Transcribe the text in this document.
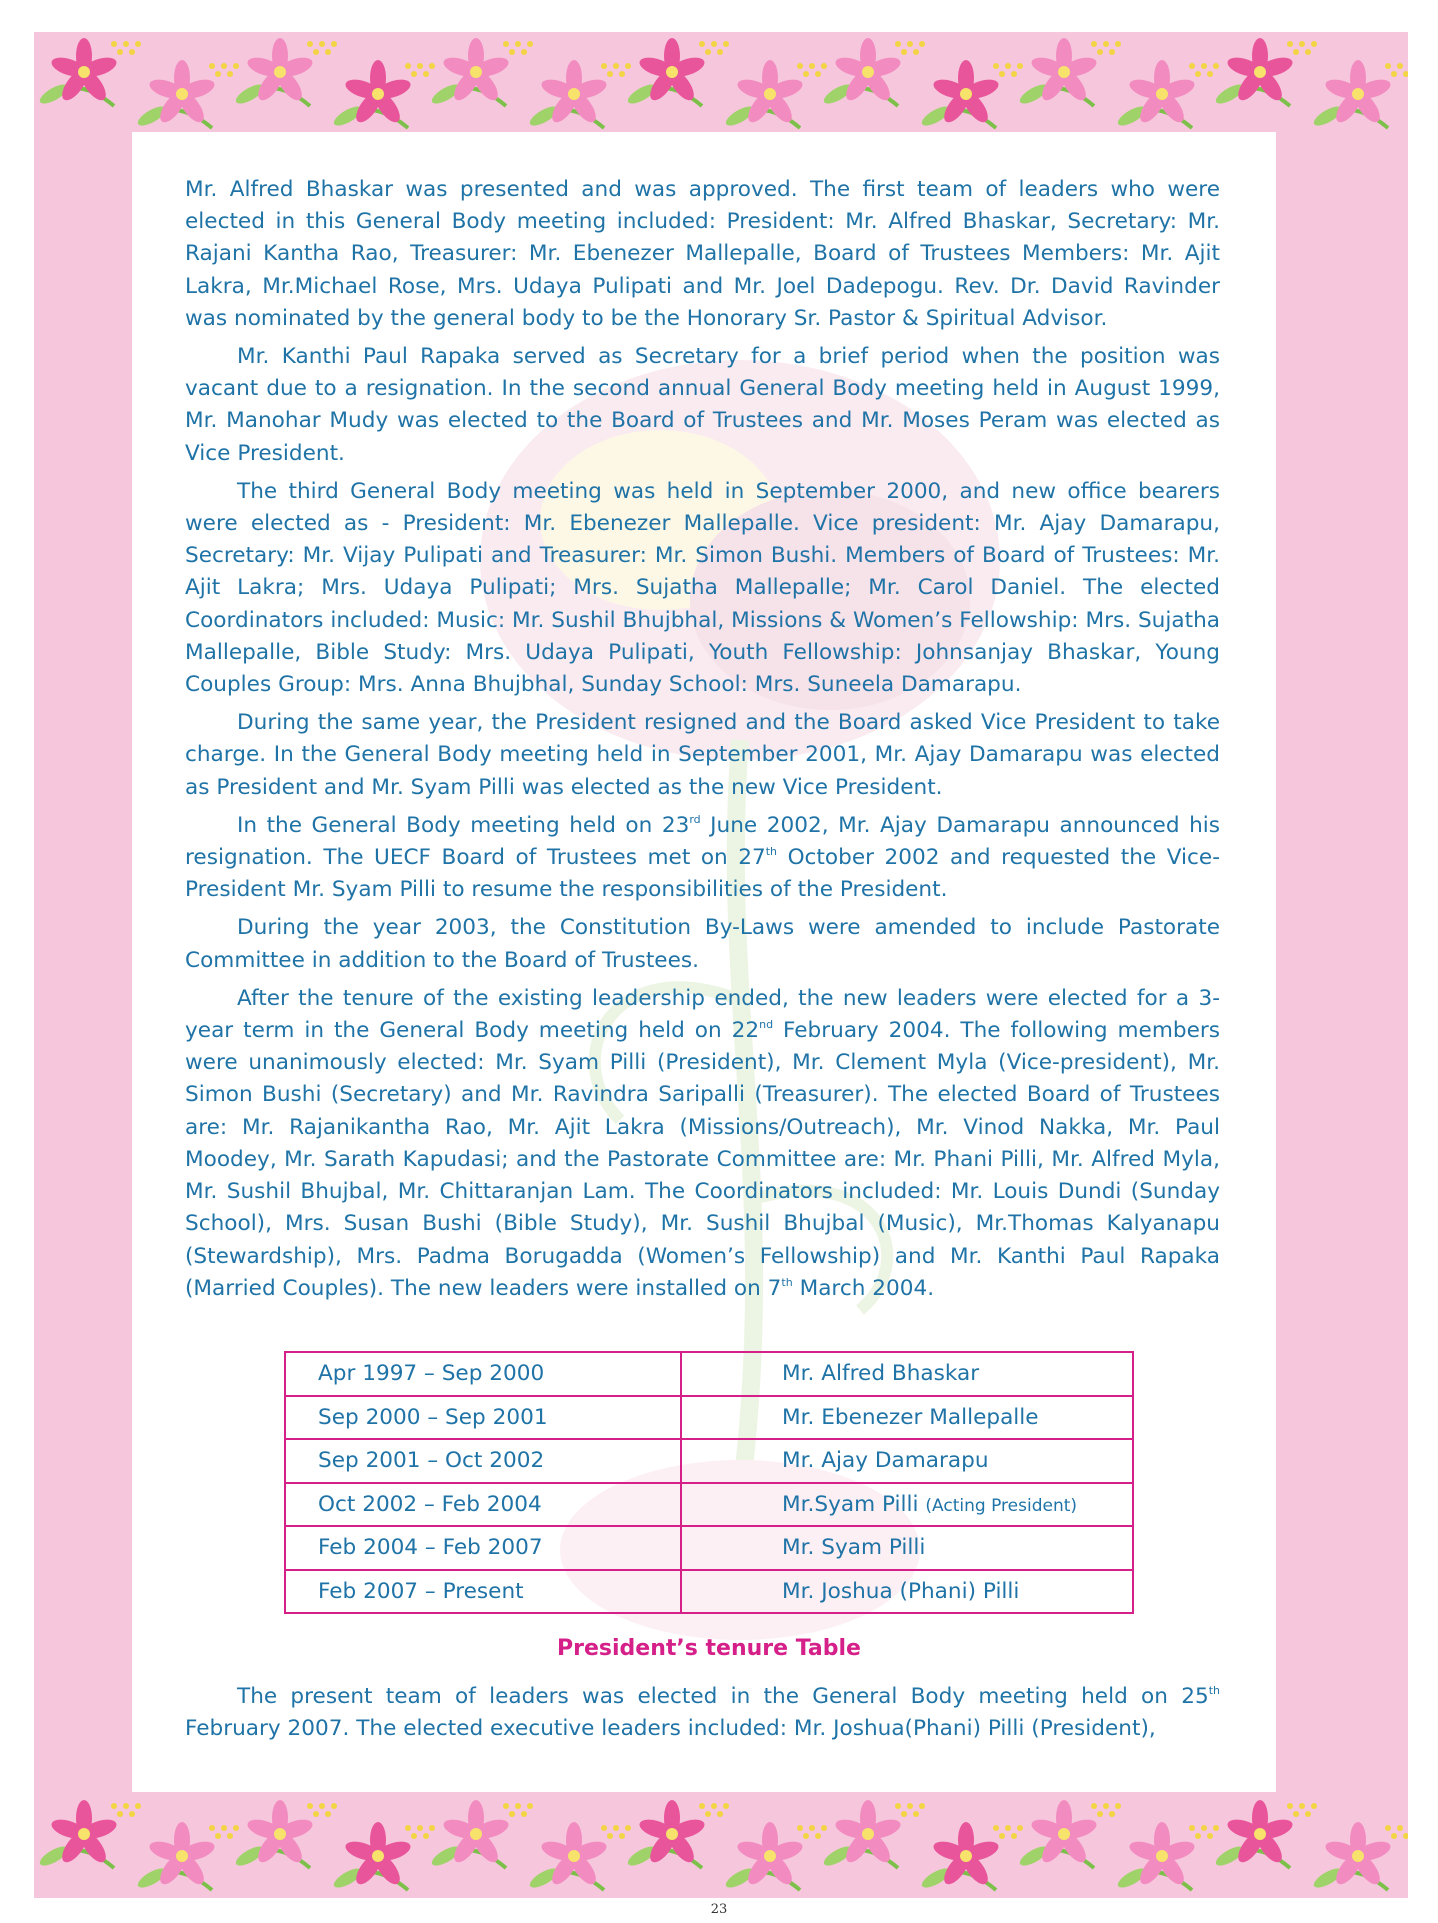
Mr. Alfred Bhaskar was presented and was approved. The first team of leaders who were elected in this General Body meeting included: President: Mr. Alfred Bhaskar, Secretary: Mr. Rajani Kantha Rao, Treasurer: Mr. Ebenezer Mallepalle, Board of Trustees Members: Mr. Ajit Lakra, Mr.Michael Rose, Mrs. Udaya Pulipati and Mr. Joel Dadepogu. Rev. Dr. David Ravinder was nominated by the general body to be the Honorary Sr. Pastor & Spiritual Advisor.

Mr. Kanthi Paul Rapaka served as Secretary for a brief period when the position was vacant due to a resignation. In the second annual General Body meeting held in August 1999, Mr. Manohar Mudy was elected to the Board of Trustees and Mr. Moses Peram was elected as Vice President.

The third General Body meeting was held in September 2000, and new office bearers were elected as - President: Mr. Ebenezer Mallepalle. Vice president: Mr. Ajay Damarapu, Secretary: Mr. Vijay Pulipati and Treasurer: Mr. Simon Bushi. Members of Board of Trustees: Mr. Ajit Lakra; Mrs. Udaya Pulipati; Mrs. Sujatha Mallepalle; Mr. Carol Daniel. The elected Coordinators included: Music: Mr. Sushil Bhujbhal, Missions & Women’s Fellowship: Mrs. Sujatha Mallepalle, Bible Study: Mrs. Udaya Pulipati, Youth Fellowship: Johnsanjay Bhaskar, Young Couples Group: Mrs. Anna Bhujbhal, Sunday School: Mrs. Suneela Damarapu.

During the same year, the President resigned and the Board asked Vice President to take charge. In the General Body meeting held in September 2001, Mr. Ajay Damarapu was elected as President and Mr. Syam Pilli was elected as the new Vice President.

In the General Body meeting held on 23rd June 2002, Mr. Ajay Damarapu announced his resignation. The UECF Board of Trustees met on 27th October 2002 and requested the Vice-President Mr. Syam Pilli to resume the responsibilities of the President.

During the year 2003, the Constitution By-Laws were amended to include Pastorate Committee in addition to the Board of Trustees.

After the tenure of the existing leadership ended, the new leaders were elected for a 3-year term in the General Body meeting held on 22nd February 2004. The following members were unanimously elected: Mr. Syam Pilli (President), Mr. Clement Myla (Vice-president), Mr. Simon Bushi (Secretary) and Mr. Ravindra Saripalli (Treasurer). The elected Board of Trustees are: Mr. Rajanikantha Rao, Mr. Ajit Lakra (Missions/Outreach), Mr. Vinod Nakka, Mr. Paul Moodey, Mr. Sarath Kapudasi; and the Pastorate Committee are: Mr. Phani Pilli, Mr. Alfred Myla, Mr. Sushil Bhujbal, Mr. Chittaranjan Lam. The Coordinators included: Mr. Louis Dundi (Sunday School), Mrs. Susan Bushi (Bible Study), Mr. Sushil Bhujbal (Music), Mr.Thomas Kalyanapu (Stewardship), Mrs. Padma Borugadda (Women’s Fellowship) and Mr. Kanthi Paul Rapaka (Married Couples). The new leaders were installed on 7th March 2004.

Apr 1997 – Sep 2000	Mr. Alfred Bhaskar
Sep 2000 – Sep 2001	Mr. Ebenezer Mallepalle
Sep 2001 – Oct 2002	Mr. Ajay Damarapu
Oct 2002 – Feb 2004	Mr.Syam Pilli (Acting President)
Feb 2004 – Feb 2007	Mr. Syam Pilli
Feb 2007 – Present	Mr. Joshua (Phani) Pilli
President’s tenure Table

The present team of leaders was elected in the General Body meeting held on 25th February 2007. The elected executive leaders included: Mr. Joshua(Phani) Pilli (President),

23
